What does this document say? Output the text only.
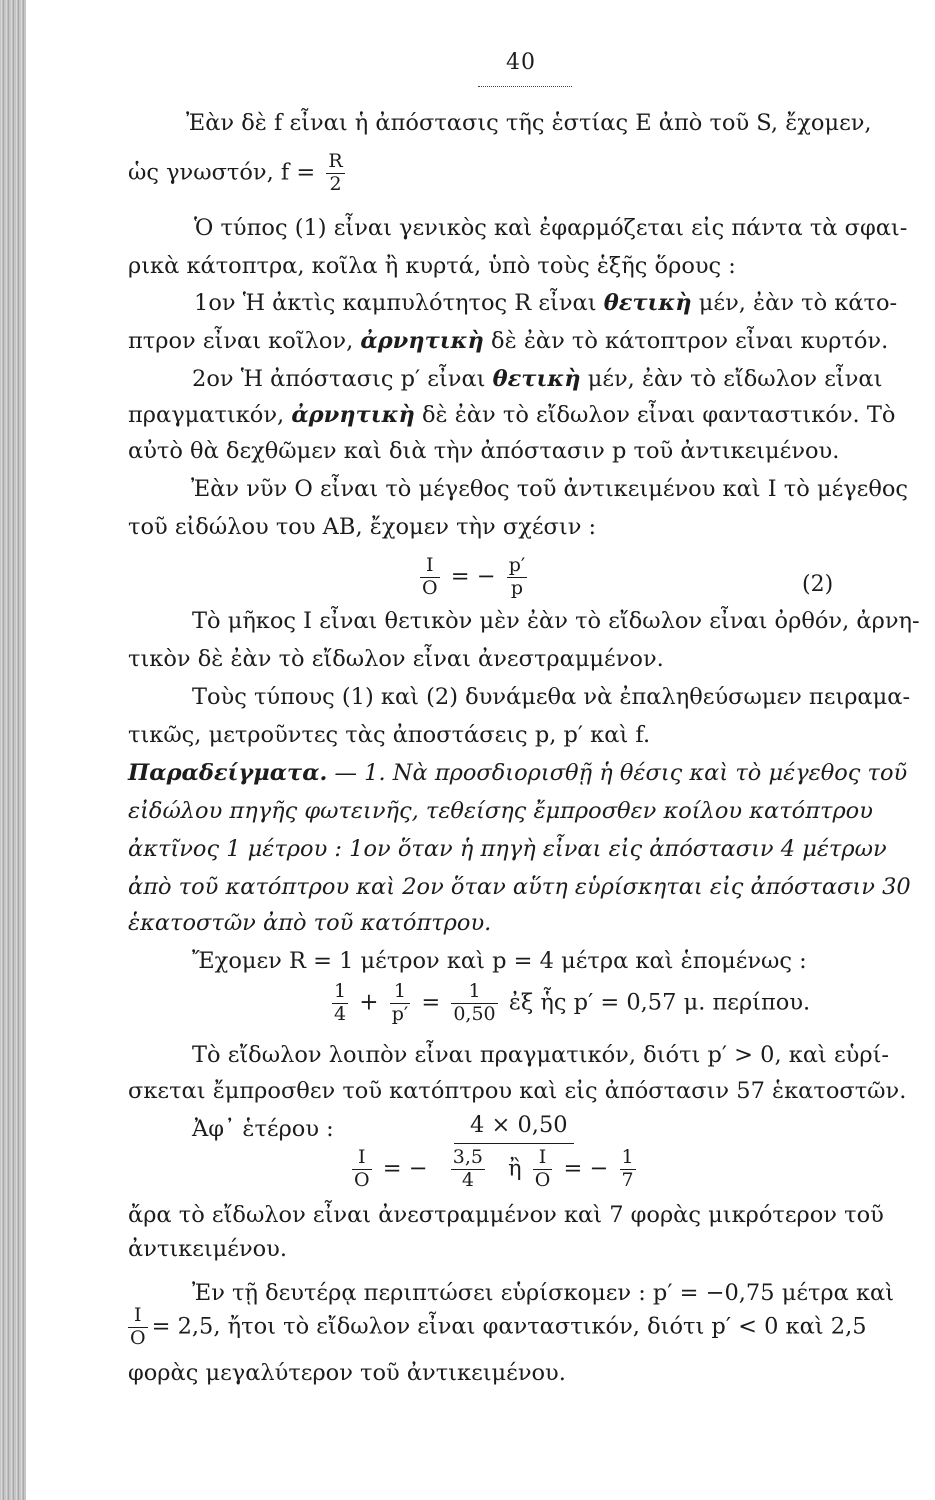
40
Ἐὰν δὲ f εἶναι ἡ ἀπόστασις τῆς ἑστίας Ε ἀπὸ τοῦ S, ἔχομεν,
ὡς γνωστόν, $f = \frac{R}{2}$
Ὁ τύπος (1) εἶναι γενικὸς καὶ ἐφαρμόζεται εἰς πάντα τὰ σφαι-
ρικὰ κάτοπτρα, κοῖλα ἢ κυρτά, ὑπὸ τοὺς ἑξῆς ὅρους :
1ον Ἡ ἀκτὶς καμπυλότητος R εἶναι θετικὴ μέν, ἐὰν τὸ κάτο-
πτρον εἶναι κοῖλον, ἀρνητικὴ δὲ ἐὰν τὸ κάτοπτρον εἶναι κυρτόν.
2ον Ἡ ἀπόστασις p′ εἶναι θετικὴ μέν, ἐὰν τὸ εἴδωλον εἶναι
πραγματικόν, ἀρνητικὴ δὲ ἐὰν τὸ εἴδωλον εἶναι φανταστικόν. Τὸ
αὐτὸ θὰ δεχθῶμεν καὶ διὰ τὴν ἀπόστασιν p τοῦ ἀντικειμένου.
Ἐὰν νῦν Ο εἶναι τὸ μέγεθος τοῦ ἀντικειμένου καὶ Ι τὸ μέγεθος
τοῦ εἰδώλου του ΑΒ, ἔχομεν τὴν σχέσιν :
$\frac{I}{O}$ = − $\frac{p'}{p}$	(2)
Τὸ μῆκος Ι εἶναι θετικὸν μὲν ἐὰν τὸ εἴδωλον εἶναι ὀρθόν, ἀρνη-
τικὸν δὲ ἐὰν τὸ εἴδωλον εἶναι ἀνεστραμμένον.
Τοὺς τύπους (1) καὶ (2) δυνάμεθα νὰ ἐπαληθεύσωμεν πειραμα-
τικῶς, μετροῦντες τὰς ἀποστάσεις p, p′ καὶ f.
Παραδείγματα. — 1. Νὰ προσδιορισθῇ ἡ θέσις καὶ τὸ μέγεθος τοῦ
εἰδώλου πηγῆς φωτεινῆς, τεθείσης ἔμπροσθεν κοίλου κατόπτρου
ἀκτῖνος 1 μέτρου : 1ον ὅταν ἡ πηγὴ εἶναι εἰς ἀπόστασιν 4 μέτρων
ἀπὸ τοῦ κατόπτρου καὶ 2ον ὅταν αὕτη εὑρίσκηται εἰς ἀπόστασιν 30
ἑκατοστῶν ἀπὸ τοῦ κατόπτρου.
Ἔχομεν R = 1 μέτρον καὶ p = 4 μέτρα καὶ ἑπομένως :
$\frac{1}{4} + \frac{1}{p'} = \frac{1}{0,50}$ ἐξ ἧς p′ = 0,57 μ. περίπου.
Τὸ εἴδωλον λοιπὸν εἶναι πραγματικόν, διότι p′ > 0, καὶ εὑρί-
σκεται ἔμπροσθεν τοῦ κατόπτρου καὶ εἰς ἀπόστασιν 57 ἑκατοστῶν.
Ἀφ᾽ ἑτέρου :	4 × 0,50
$\frac{I}{O}$ = − $\frac{3,5}{4}$ ἢ $\frac{I}{O}$ = − $\frac{1}{7}$
ἄρα τὸ εἴδωλον εἶναι ἀνεστραμμένον καὶ 7 φορὰς μικρότερον τοῦ
ἀντικειμένου.
Ἐν τῇ δευτέρᾳ περιπτώσει εὑρίσκομεν : p′ = −0,75 μέτρα καὶ
$\frac{I}{O} = 2,5$, ἤτοι τὸ εἴδωλον εἶναι φανταστικόν, διότι p′ < 0 καὶ 2,5
φορὰς μεγαλύτερον τοῦ ἀντικειμένου.
